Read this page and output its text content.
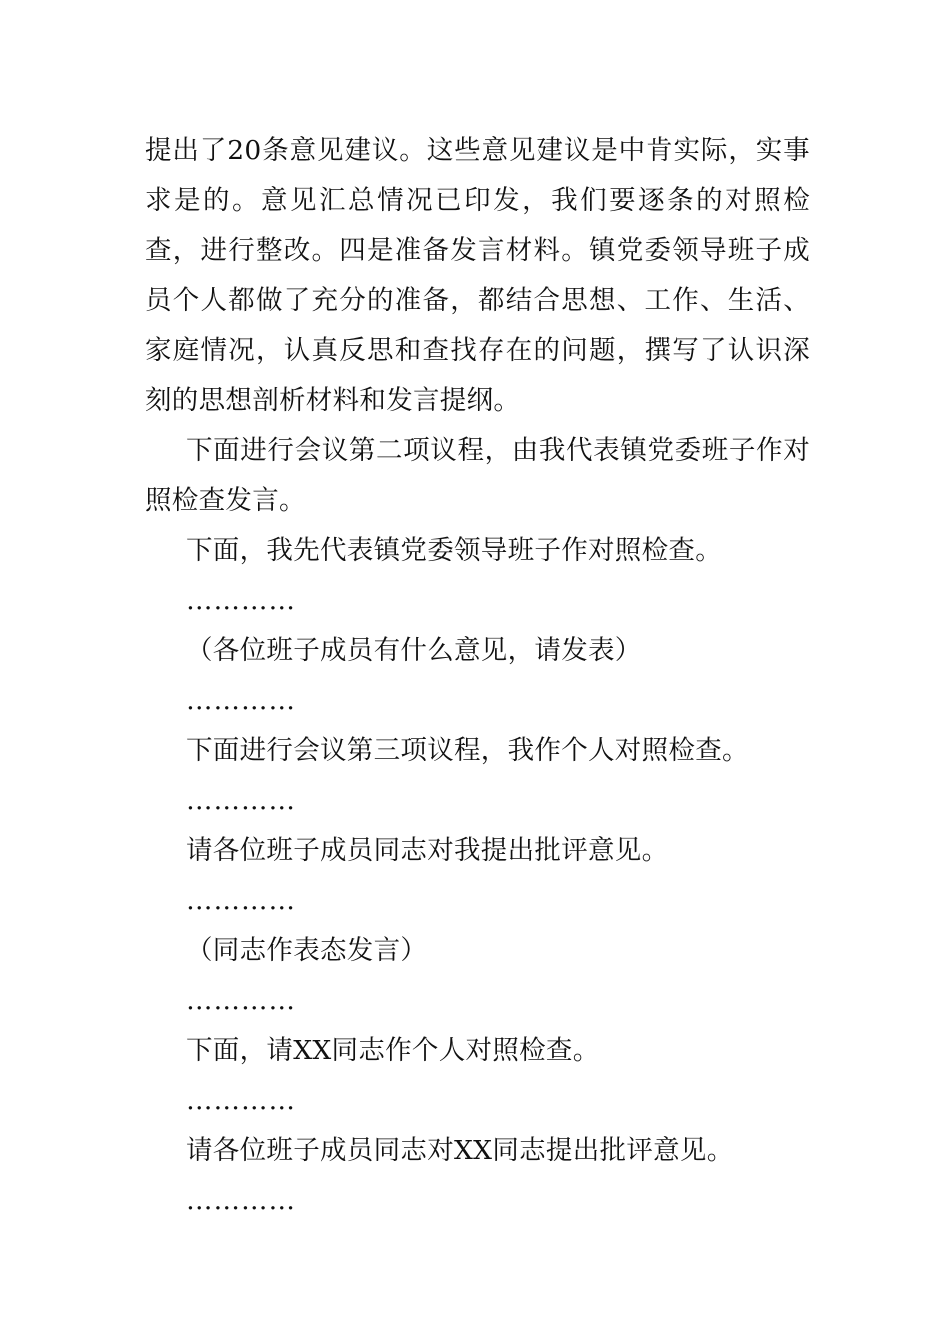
提出了20条意见建议。这些意见建议是中肯实际，实事求是的。意见汇总情况已印发，我们要逐条的对照检查，进行整改。四是准备发言材料。镇党委领导班子成员个人都做了充分的准备，都结合思想、工作、生活、家庭情况，认真反思和查找存在的问题，撰写了认识深刻的思想剖析材料和发言提纲。

下面进行会议第二项议程，由我代表镇党委班子作对照检查发言。

下面，我先代表镇党委领导班子作对照检查。

…………

（各位班子成员有什么意见，请发表）

…………

下面进行会议第三项议程，我作个人对照检查。

…………

请各位班子成员同志对我提出批评意见。

…………

（同志作表态发言）

…………

下面，请XX同志作个人对照检查。

…………

请各位班子成员同志对XX同志提出批评意见。

…………
